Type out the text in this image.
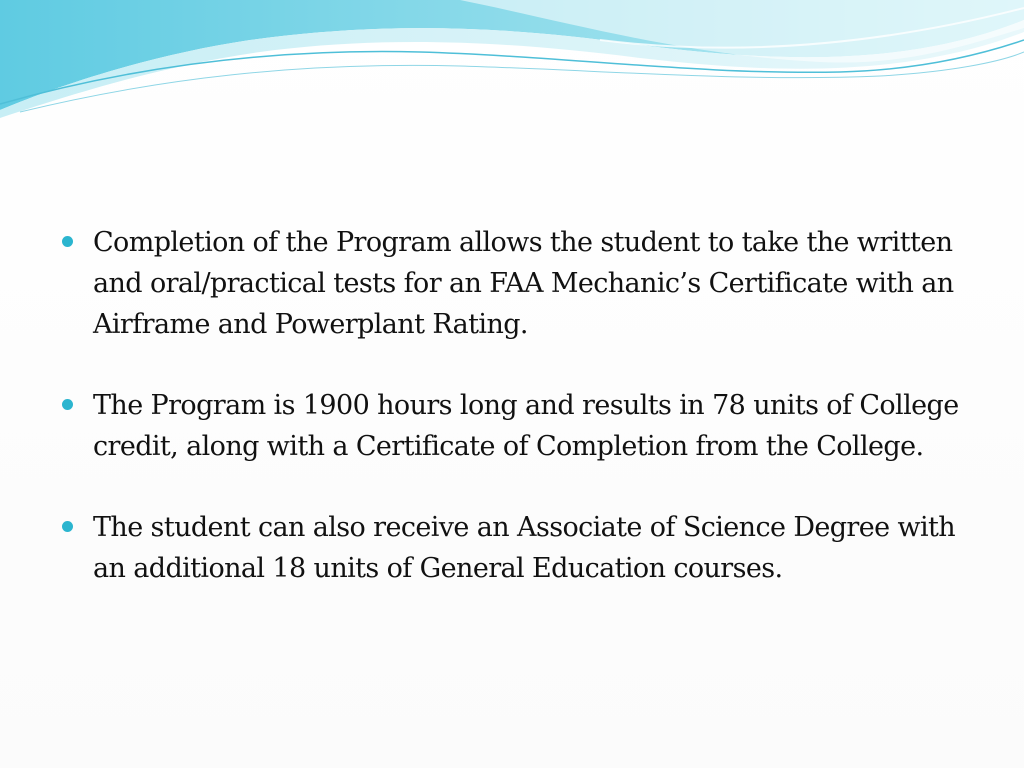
Completion of the Program allows the student to take the written and oral/practical tests for an FAA Mechanic’s Certificate with an Airframe and Powerplant Rating.
The Program is 1900 hours long and results in 78 units of College credit, along with a Certificate of Completion from the College.
The student can also receive an Associate of Science Degree with an additional 18 units of General Education courses.
